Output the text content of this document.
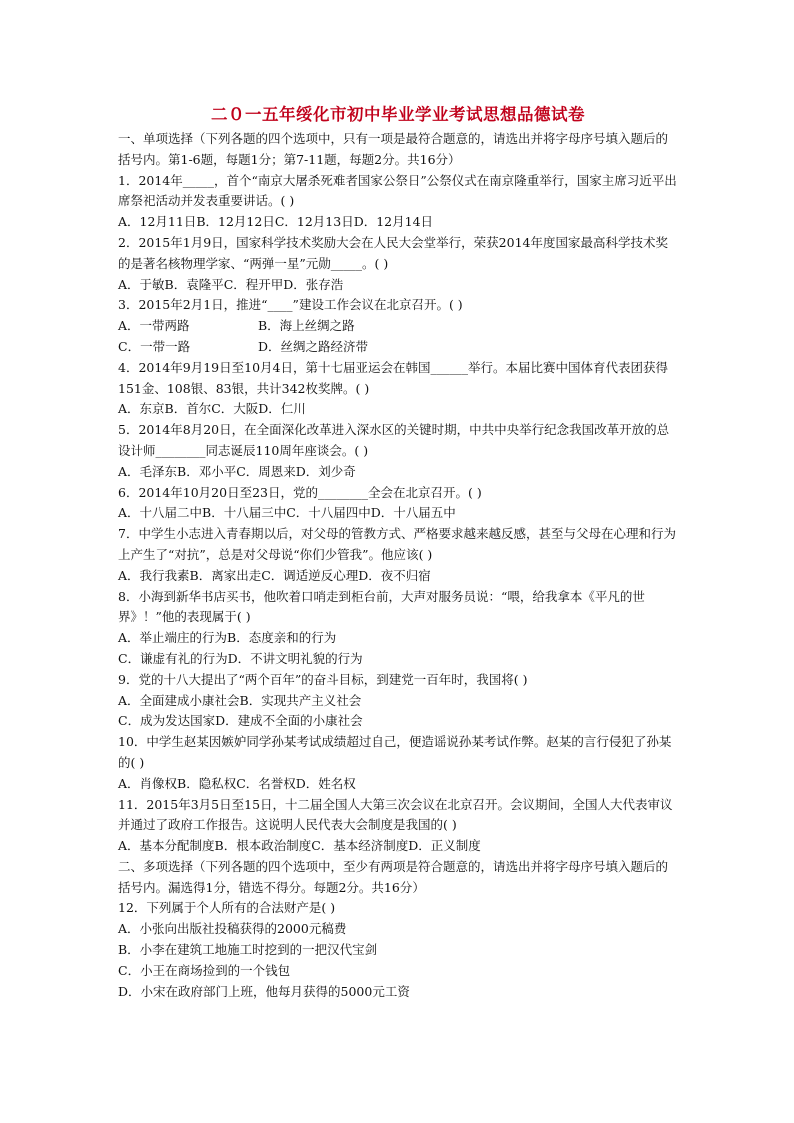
二０一五年绥化市初中毕业学业考试思想品德试卷

一、单项选择（下列各题的四个选项中，只有一项是最符合题意的，请选出并将字母序号填入题后的括号内。第1-6题，每题1分；第7-11题，每题2分。共16分）

1．2014年_____，首个“南京大屠杀死难者国家公祭日”公祭仪式在南京隆重举行，国家主席习近平出席祭祀活动并发表重要讲话。( )

A．12月11日B．12月12日C．12月13日D．12月14日

2．2015年1月9日，国家科学技术奖励大会在人民大会堂举行，荣获2014年度国家最高科学技术奖的是著名核物理学家、“两弹一星”元勋_____。( )

A．于敏B．袁隆平C．程开甲D．张存浩

3．2015年2月1日，推进“____”建设工作会议在北京召开。( )

A．一带两路	B．海上丝绸之路
C．一带一路	D．丝绸之路经济带

4．2014年9月19日至10月4日，第十七届亚运会在韩国______举行。本届比赛中国体育代表团获得151金、108银、83银，共计342枚奖牌。( )

A．东京B．首尔C．大阪D．仁川

5．2014年8月20日，在全面深化改革进入深水区的关键时期，中共中央举行纪念我国改革开放的总设计师________同志诞辰110周年座谈会。( )

A．毛泽东B．邓小平C．周恩来D．刘少奇

6．2014年10月20日至23日，党的________全会在北京召开。( )

A．十八届二中B．十八届三中C．十八届四中D．十八届五中

7．中学生小志进入青春期以后，对父母的管教方式、严格要求越来越反感，甚至与父母在心理和行为上产生了“对抗”，总是对父母说“你们少管我”。他应该( )

A．我行我素B．离家出走C．调适逆反心理D．夜不归宿

8．小海到新华书店买书，他吹着口哨走到柜台前，大声对服务员说：“喂，给我拿本《平凡的世界》！”他的表现属于( )

A．举止端庄的行为B．态度亲和的行为

C．谦虚有礼的行为D．不讲文明礼貌的行为

9．党的十八大提出了“两个百年”的奋斗目标，到建党一百年时，我国将( )

A．全面建成小康社会B．实现共产主义社会

C．成为发达国家D．建成不全面的小康社会

10．中学生赵某因嫉妒同学孙某考试成绩超过自己，便造谣说孙某考试作弊。赵某的言行侵犯了孙某的( )

A．肖像权B．隐私权C．名誉权D．姓名权

11．2015年3月5日至15日，十二届全国人大第三次会议在北京召开。会议期间，全国人大代表审议并通过了政府工作报告。这说明人民代表大会制度是我国的( )

A．基本分配制度B．根本政治制度C．基本经济制度D．正义制度

二、多项选择（下列各题的四个选项中，至少有两项是符合题意的，请选出并将字母序号填入题后的括号内。漏选得1分，错选不得分。每题2分。共16分）

12．下列属于个人所有的合法财产是( )

A．小张向出版社投稿获得的2000元稿费

B．小李在建筑工地施工时挖到的一把汉代宝剑

C．小王在商场捡到的一个钱包

D．小宋在政府部门上班，他每月获得的5000元工资
